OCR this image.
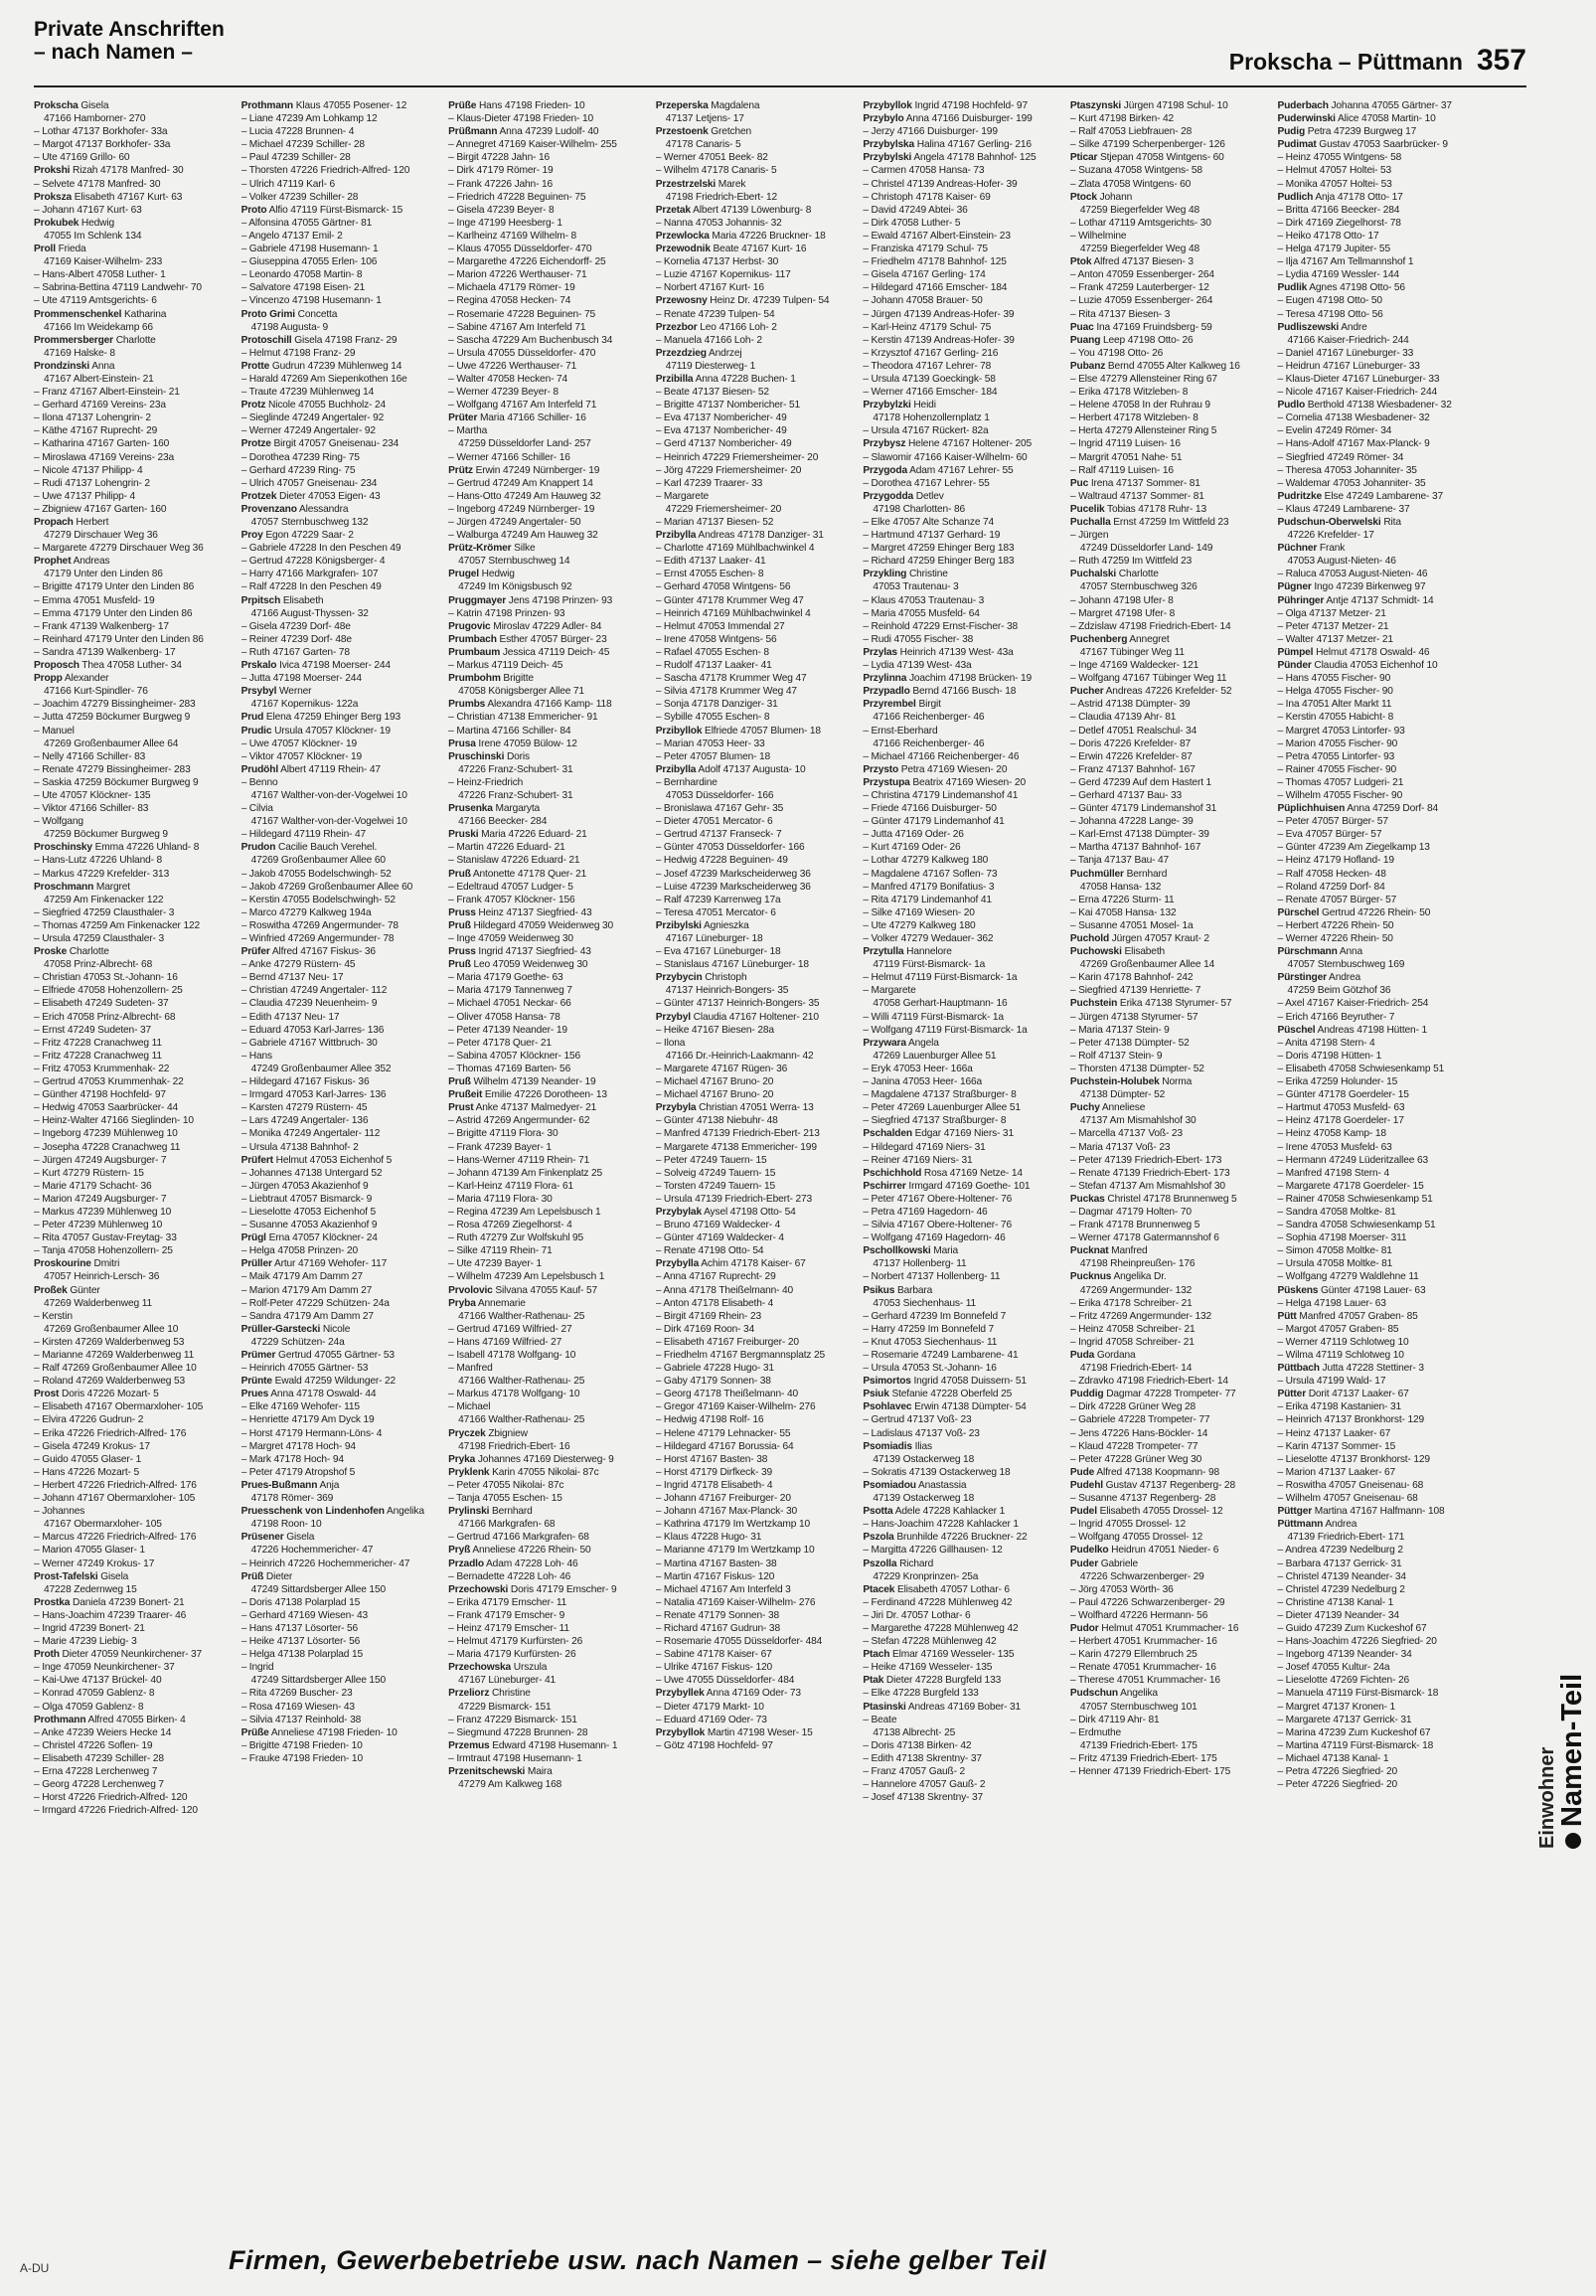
Private Anschriften
– nach Namen –	Prokscha – Püttmann 357
Prokscha Gisela
47166 Hamborner- 270
– Lothar 47137 Borkhofer- 33a
– Margot 47137 Borkhofer- 33a
– Ute 47169 Grillo- 60
Prokshi Rizah 47178 Manfred- 30
– Selvete 47178 Manfred- 30
Proksza Elisabeth 47167 Kurt- 63
– Johann 47167 Kurt- 63
Prokubek Hedwig
47055 Im Schlenk 134
Proll Frieda
47169 Kaiser-Wilhelm- 233
– Hans-Albert 47058 Luther- 1
– Sabrina-Bettina 47119 Landwehr- 70
– Ute 47119 Amtsgerichts- 6
Prommenschenkel Katharina
47166 Im Weidekamp 66
Prommersberger Charlotte
47169 Halske- 8
Prondzinski Anna
47167 Albert-Einstein- 21
– Franz 47167 Albert-Einstein- 21
– Gerhard 47169 Vereins- 23a
– Ilona 47137 Lohengrin- 2
– Käthe 47167 Ruprecht- 29
– Katharina 47167 Garten- 160
– Miroslawa 47169 Vereins- 23a
– Nicole 47137 Philipp- 4
– Rudi 47137 Lohengrin- 2
– Uwe 47137 Philipp- 4
– Zbigniew 47167 Garten- 160
Propach Herbert
47279 Dirschauer Weg 36
– Margarete 47279 Dirschauer Weg 36
Prophet Andreas
47179 Unter den Linden 86
– Brigitte 47179 Unter den Linden 86
– Emma 47051 Musfeld- 19
– Emma 47179 Unter den Linden 86
– Frank 47139 Walkenberg- 17
– Reinhard 47179 Unter den Linden 86
– Sandra 47139 Walkenberg- 17
Proposch Thea 47058 Luther- 34
Propp Alexander
47166 Kurt-Spindler- 76
– Joachim 47279 Bissingheimer- 283
– Jutta 47259 Böckumer Burgweg 9
– Manuel
47269 Großenbaumer Allee 64
– Nelly 47166 Schiller- 83
– Renate 47279 Bissingheimer- 283
– Saskia 47259 Böckumer Burgweg 9
– Ute 47057 Klöckner- 135
– Viktor 47166 Schiller- 83
– Wolfgang
47259 Böckumer Burgweg 9
Proschinsky Emma 47226 Uhland- 8
– Hans-Lutz 47226 Uhland- 8
– Markus 47229 Krefelder- 313
Proschmann Margret
47259 Am Finkenacker 122
– Siegfried 47259 Clausthaler- 3
– Thomas 47259 Am Finkenacker 122
– Ursula 47259 Clausthaler- 3
Proske Charlotte
47058 Prinz-Albrecht- 68
– Christian 47053 St.-Johann- 16
– Elfriede 47058 Hohenzollern- 25
– Elisabeth 47249 Sudeten- 37
– Erich 47058 Prinz-Albrecht- 68
– Ernst 47249 Sudeten- 37
– Fritz 47228 Cranachweg 11
– Fritz 47228 Cranachweg 11
– Fritz 47053 Krummenhak- 22
– Gertrud 47053 Krummenhak- 22
– Günther 47198 Hochfeld- 97
– Hedwig 47053 Saarbrücker- 44
– Heinz-Walter 47166 Sieglinden- 10
– Ingeborg 47239 Mühlenweg 10
– Josepha 47228 Cranachweg 11
– Jürgen 47249 Augsburger- 7
– Kurt 47279 Rüstern- 15
– Marie 47179 Schacht- 36
– Marion 47249 Augsburger- 7
– Markus 47239 Mühlenweg 10
– Peter 47239 Mühlenweg 10
– Rita 47057 Gustav-Freytag- 33
– Tanja 47058 Hohenzollern- 25
Proskourine Dmitri
47057 Heinrich-Lersch- 36
Proßek Günter
47269 Walderbenweg 11
– Kerstin
47269 Großenbaumer Allee 10
– Kirsten 47269 Walderbenweg 53
– Marianne 47269 Walderbenweg 11
– Ralf 47269 Großenbaumer Allee 10
– Roland 47269 Walderbenweg 53
Prost Doris 47226 Mozart- 5
– Elisabeth 47167 Obermarxloher- 105
– Elvira 47226 Gudrun- 2
– Erika 47226 Friedrich-Alfred- 176
– Gisela 47249 Krokus- 17
– Guido 47055 Glaser- 1
– Hans 47226 Mozart- 5
– Herbert 47226 Friedrich-Alfred- 176
– Johann 47167 Obermarxloher- 105
– Johannes
47167 Obermarxloher- 105
– Marcus 47226 Friedrich-Alfred- 176
– Marion 47055 Glaser- 1
– Werner 47249 Krokus- 17
Prost-Tafelski Gisela
47228 Zedernweg 15
Prostka Daniela 47239 Bonert- 21
– Hans-Joachim 47239 Traarer- 46
– Ingrid 47239 Bonert- 21
– Marie 47239 Liebig- 3
Proth Dieter 47059 Neunkirchener- 37
– Inge 47059 Neunkirchener- 37
– Kai-Uwe 47137 Brückel- 40
– Konrad 47059 Gablenz- 8
– Olga 47059 Gablenz- 8
Prothmann Alfred 47055 Birken- 4
– Anke 47239 Weiers Hecke 14
– Christel 47226 Soflen- 19
– Elisabeth 47239 Schiller- 28
– Erna 47228 Lerchenweg 7
– Georg 47228 Lerchenweg 7
– Horst 47226 Friedrich-Alfred- 120
– Irmgard 47226 Friedrich-Alfred- 120
Prothmann Klaus 47055 Posener- 12
– Liane 47239 Am Lohkamp 12
– Lucia 47228 Brunnen- 4
– Michael 47239 Schiller- 28
– Paul 47239 Schiller- 28
– Thorsten 47226 Friedrich-Alfred- 120
– Ulrich 47119 Karl- 6
– Volker 47239 Schiller- 28
Proto Alfio 47119 Fürst-Bismarck- 15
– Alfonsina 47055 Gärtner- 81
– Angelo 47137 Emil- 2
– Gabriele 47198 Husemann- 1
– Giuseppina 47055 Erlen- 106
– Leonardo 47058 Martin- 8
– Salvatore 47198 Eisen- 21
– Vincenzo 47198 Husemann- 1
Proto Grimi Concetta
47198 Augusta- 9
Protoschill Gisela 47198 Franz- 29
– Helmut 47198 Franz- 29
Protte Gudrun 47239 Mühlenweg 14
– Harald 47269 Am Siepenkothen 16e
– Traute 47239 Mühlenweg 14
Protz Nicole 47055 Buchholz- 24
– Sieglinde 47249 Angertaler- 92
– Werner 47249 Angertaler- 92
Protze Birgit 47057 Gneisenau- 234
– Dorothea 47239 Ring- 75
– Gerhard 47239 Ring- 75
– Ulrich 47057 Gneisenau- 234
Protzek Dieter 47053 Eigen- 43
Provenzano Alessandra
47057 Sternbuschweg 132
Proy Egon 47229 Saar- 2
– Gabriele 47228 In den Peschen 49
– Gertrud 47228 Königsberger- 4
– Harry 47166 Markgrafen- 107
– Ralf 47228 In den Peschen 49
Prpitsch Elisabeth
47166 August-Thyssen- 32
– Gisela 47239 Dorf- 48e
– Reiner 47239 Dorf- 48e
– Ruth 47167 Garten- 78
Prskalo Ivica 47198 Moerser- 244
– Jutta 47198 Moerser- 244
Prsybyl Werner
47167 Kopernikus- 122a
Prud Elena 47259 Ehinger Berg 193
Prudic Ursula 47057 Klöckner- 19
– Uwe 47057 Klöckner- 19
– Viktor 47057 Klöckner- 19
Prudöhl Albert 47119 Rhein- 47
– Benno
47167 Walther-von-der-Vogelwei 10
– Cilvia
47167 Walther-von-der-Vogelwei 10
– Hildegard 47119 Rhein- 47
Prudon Cacilie Bauch Verehel.
47269 Großenbaumer Allee 60
– Jakob 47055 Bodelschwingh- 52
– Jakob 47269 Großenbaumer Allee 60
– Kerstin 47055 Bodelschwingh- 52
– Marco 47279 Kalkweg 194a
– Roswitha 47269 Angermunder- 78
– Winfried 47269 Angermunder- 78
Prüfer Alfred 47167 Fiskus- 36
– Anke 47279 Rüstern- 45
– Bernd 47137 Neu- 17
– Christian 47249 Angertaler- 112
– Claudia 47239 Neuenheim- 9
– Edith 47137 Neu- 17
– Eduard 47053 Karl-Jarres- 136
– Gabriele 47167 Wittbruch- 30
– Hans
47249 Großenbaumer Allee 352
– Hildegard 47167 Fiskus- 36
– Irmgard 47053 Karl-Jarres- 136
– Karsten 47279 Rüstern- 45
– Lars 47249 Angertaler- 136
– Monika 47249 Angertaler- 112
– Ursula 47138 Bahnhof- 2
Prüfert Helmut 47053 Eichenhof 5
– Johannes 47138 Untergard 52
– Jürgen 47053 Akazienhof 9
– Liebtraut 47057 Bismarck- 9
– Lieselotte 47053 Eichenhof 5
– Susanne 47053 Akazienhof 9
Prügl Erna 47057 Klöckner- 24
– Helga 47058 Prinzen- 20
Prüller Artur 47169 Wehofer- 117
– Maik 47179 Am Damm 27
– Marion 47179 Am Damm 27
– Rolf-Peter 47229 Schützen- 24a
– Sandra 47179 Am Damm 27
Prüller-Garstecki Nicole
47229 Schützen- 24a
Prümer Gertrud 47055 Gärtner- 53
– Heinrich 47055 Gärtner- 53
Prünte Ewald 47259 Wildunger- 22
Prues Anna 47178 Oswald- 44
– Elke 47169 Wehofer- 115
– Henriette 47179 Am Dyck 19
– Horst 47179 Hermann-Löns- 4
– Margret 47178 Hoch- 94
– Mark 47178 Hoch- 94
– Peter 47179 Atropshof 5
Prues-Bußmann Anja
47178 Römer- 369
Pruesschenk von Lindenhofen Angelika
47198 Roon- 10
Prüsener Gisela
47226 Hochemmericher- 47
– Heinrich 47226 Hochemmericher- 47
Prüß Dieter
47249 Sittardsberger Allee 150
– Doris 47138 Polarplad 15
– Gerhard 47169 Wiesen- 43
– Hans 47137 Lösorter- 56
– Heike 47137 Lösorter- 56
– Helga 47138 Polarplad 15
– Ingrid
47249 Sittardsberger Allee 150
– Rita 47269 Buscher- 23
– Rosa 47169 Wiesen- 43
– Silvia 47137 Reinhold- 38
Prüße Anneliese 47198 Frieden- 10
– Brigitte 47198 Frieden- 10
– Frauke 47198 Frieden- 10
Prüße Hans 47198 Frieden- 10
– Klaus-Dieter 47198 Frieden- 10
Prüßmann Anna 47239 Ludolf- 40
– Annegret 47169 Kaiser-Wilhelm- 255
– Birgit 47228 Jahn- 16
– Dirk 47179 Römer- 19
– Frank 47226 Jahn- 16
– Friedrich 47228 Beguinen- 75
– Gisela 47239 Beyer- 8
– Inge 47199 Heesberg- 1
– Karlheinz 47169 Wilhelm- 8
– Klaus 47055 Düsseldorfer- 470
– Margarethe 47226 Eichendorff- 25
– Marion 47226 Werthauser- 71
– Michaela 47179 Römer- 19
– Regina 47058 Hecken- 74
– Rosemarie 47228 Beguinen- 75
– Sabine 47167 Am Interfeld 71
– Sascha 47229 Am Buchenbusch 34
– Ursula 47055 Düsseldorfer- 470
– Uwe 47226 Werthauser- 71
– Walter 47058 Hecken- 74
– Werner 47239 Beyer- 8
– Wolfgang 47167 Am Interfeld 71
Prüter Maria 47166 Schiller- 16
– Martha
47259 Düsseldorfer Land- 257
– Werner 47166 Schiller- 16
Prütz Erwin 47249 Nürnberger- 19
– Gertrud 47249 Am Knappert 14
– Hans-Otto 47249 Am Hauweg 32
– Ingeborg 47249 Nürnberger- 19
– Jürgen 47249 Angertaler- 50
– Walburga 47249 Am Hauweg 32
Prütz-Krömer Silke
47057 Sternbuschweg 14
Prugel Hedwig
47249 Im Königsbusch 92
Pruggmayer Jens 47198 Prinzen- 93
– Katrin 47198 Prinzen- 93
Prugovic Miroslav 47229 Adler- 84
Prumbach Esther 47057 Bürger- 23
Prumbaum Jessica 47119 Deich- 45
– Markus 47119 Deich- 45
Prumbohm Brigitte
47058 Königsberger Allee 71
Prumbs Alexandra 47166 Kamp- 118
– Christian 47138 Emmericher- 91
– Martina 47166 Schiller- 84
Prusa Irene 47059 Bülow- 12
Pruschinski Doris
47226 Franz-Schubert- 31
– Heinz-Friedrich
47226 Franz-Schubert- 31
Prusenka Margaryta
47166 Beecker- 284
Pruski Maria 47226 Eduard- 21
– Martin 47226 Eduard- 21
– Stanislaw 47226 Eduard- 21
Pruß Antonette 47178 Quer- 21
– Edeltraud 47057 Ludger- 5
– Frank 47057 Klöckner- 156
Pruss Heinz 47137 Siegfried- 43
Pruß Hildegard 47059 Weidenweg 30
– Inge 47059 Weidenweg 30
Pruss Ingrid 47137 Siegfried- 43
Pruß Leo 47059 Weidenweg 30
– Maria 47179 Goethe- 63
– Maria 47179 Tannenweg 7
– Michael 47051 Neckar- 66
– Oliver 47058 Hansa- 78
– Peter 47139 Neander- 19
– Peter 47178 Quer- 21
– Sabina 47057 Klöckner- 156
– Thomas 47169 Barten- 56
Pruß Wilhelm 47139 Neander- 19
Prußeit Emilie 47226 Dorotheen- 13
Prust Anke 47137 Malmedyer- 21
– Astrid 47269 Angermunder- 62
– Brigitte 47119 Flora- 30
– Frank 47239 Bayer- 1
– Hans-Werner 47119 Rhein- 71
– Johann 47139 Am Finkenplatz 25
– Karl-Heinz 47119 Flora- 61
– Maria 47119 Flora- 30
– Regina 47239 Am Lepelsbusch 1
– Rosa 47269 Ziegelhorst- 4
– Ruth 47279 Zur Wolfskuhl 95
– Silke 47119 Rhein- 71
– Ute 47239 Bayer- 1
– Wilhelm 47239 Am Lepelsbusch 1
Prvolovic Silvana 47055 Kauf- 57
Pryba Annemarie
47166 Walther-Rathenau- 25
– Gertrud 47169 Wilfried- 27
– Hans 47169 Wilfried- 27
– Isabell 47178 Wolfgang- 10
– Manfred
47166 Walther-Rathenau- 25
– Markus 47178 Wolfgang- 10
– Michael
47166 Walther-Rathenau- 25
Pryczek Zbigniew
47198 Friedrich-Ebert- 16
Pryka Johannes 47169 Diesterweg- 9
Pryklenk Karin 47055 Nikolai- 87c
– Peter 47055 Nikolai- 87c
– Tanja 47055 Eschen- 15
Prylinski Bernhard
47166 Markgrafen- 68
– Gertrud 47166 Markgrafen- 68
Pryß Anneliese 47226 Rhein- 50
Przadlo Adam 47228 Loh- 46
– Bernadette 47228 Loh- 46
Przechowski Doris 47179 Emscher- 9
– Erika 47179 Emscher- 11
– Frank 47179 Emscher- 9
– Heinz 47179 Emscher- 11
– Helmut 47179 Kurfürsten- 26
– Maria 47179 Kurfürsten- 26
Przechowska Urszula
47167 Lüneburger- 41
Przeliorz Christine
47229 Bismarck- 151
– Franz 47229 Bismarck- 151
– Siegmund 47228 Brunnen- 28
Przemus Edward 47198 Husemann- 1
– Irmtraut 47198 Husemann- 1
Przenitschewski Maira
47279 Am Kalkweg 168
Przeperska Magdalena
47137 Letjens- 17
Przestoenk Gretchen
47178 Canaris- 5
– Werner 47051 Beek- 82
– Wilhelm 47178 Canaris- 5
Przestrzelski Marek
47198 Friedrich-Ebert- 12
Przetak Albert 47139 Löwenburg- 8
– Nanna 47053 Johannis- 32
Przewlocka Maria 47226 Bruckner- 18
Przewodnik Beate 47167 Kurt- 16
– Kornelia 47137 Herbst- 30
– Luzie 47167 Kopernikus- 117
– Norbert 47167 Kurt- 16
Przewosny Heinz Dr. 47239 Tulpen- 54
– Renate 47239 Tulpen- 54
Przezbor Leo 47166 Loh- 2
– Manuela 47166 Loh- 2
Przezdzieg Andrzej
47119 Diesterweg- 1
Przibilla Anna 47228 Buchen- 1
– Beate 47137 Biesen- 52
– Brigitte 47137 Nombericher- 51
– Eva 47137 Nombericher- 49
– Eva 47137 Nombericher- 49
– Gerd 47137 Nombericher- 49
– Heinrich 47229 Friemersheimer- 20
– Jörg 47229 Friemersheimer- 20
– Karl 47239 Traarer- 33
– Margarete
47229 Friemersheimer- 20
– Marian 47137 Biesen- 52
Przibylla Andreas 47178 Danziger- 31
– Charlotte 47169 Mühlbachwinkel 4
– Edith 47137 Laaker- 41
– Ernst 47055 Eschen- 8
– Gerhard 47058 Wintgens- 56
– Günter 47178 Krummer Weg 47
– Heinrich 47169 Mühlbachwinkel 4
– Helmut 47053 Immendal 27
– Irene 47058 Wintgens- 56
– Rafael 47055 Eschen- 8
– Rudolf 47137 Laaker- 41
– Sascha 47178 Krummer Weg 47
– Silvia 47178 Krummer Weg 47
– Sonja 47178 Danziger- 31
– Sybille 47055 Eschen- 8
Przibyllok Elfriede 47057 Blumen- 18
– Marian 47053 Heer- 33
– Peter 47057 Blumen- 18
Przibylla Adolf 47137 Augusta- 10
– Bernhardine
47053 Düsseldorfer- 166
– Bronislawa 47167 Gehr- 35
– Dieter 47051 Mercator- 6
– Gertrud 47137 Franseck- 7
– Günter 47053 Düsseldorfer- 166
– Hedwig 47228 Beguinen- 49
– Josef 47239 Markscheiderweg 36
– Luise 47239 Markscheiderweg 36
– Ralf 47239 Karrenweg 17a
– Teresa 47051 Mercator- 6
Przibylski Agnieszka
47167 Lüneburger- 18
– Eva 47167 Lüneburger- 18
– Stanislaus 47167 Lüneburger- 18
Przybycin Christoph
47137 Heinrich-Bongers- 35
– Günter 47137 Heinrich-Bongers- 35
Przybyl Claudia 47167 Holtener- 210
– Heike 47167 Biesen- 28a
– Ilona
47166 Dr.-Heinrich-Laakmann- 42
– Margarete 47167 Rügen- 36
– Michael 47167 Bruno- 20
– Michael 47167 Bruno- 20
Przybyla Christian 47051 Werra- 13
– Günter 47138 Niebuhr- 48
– Manfred 47139 Friedrich-Ebert- 213
– Margarete 47138 Emmericher- 199
– Peter 47249 Tauern- 15
– Solveig 47249 Tauern- 15
– Torsten 47249 Tauern- 15
– Ursula 47139 Friedrich-Ebert- 273
Przybylak Aysel 47198 Otto- 54
– Bruno 47169 Waldecker- 4
– Günter 47169 Waldecker- 4
– Renate 47198 Otto- 54
Przybylla Achim 47178 Kaiser- 67
– Anna 47167 Ruprecht- 29
– Anna 47178 Theißelmann- 40
– Anton 47178 Elisabeth- 4
– Birgit 47169 Rhein- 23
– Dirk 47169 Roon- 34
– Elisabeth 47167 Freiburger- 20
– Friedhelm 47167 Bergmannsplatz 25
– Gabriele 47228 Hugo- 31
– Gaby 47179 Sonnen- 38
– Georg 47178 Theißelmann- 40
– Gregor 47169 Kaiser-Wilhelm- 276
– Hedwig 47198 Rolf- 16
– Helene 47179 Lehnacker- 55
– Hildegard 47167 Borussia- 64
– Horst 47167 Basten- 38
– Horst 47179 Dirfkeck- 39
– Ingrid 47178 Elisabeth- 4
– Johann 47167 Freiburger- 20
– Johann 47167 Max-Planck- 30
– Kathrina 47179 Im Wertzkamp 10
– Klaus 47228 Hugo- 31
– Marianne 47179 Im Wertzkamp 10
– Martina 47167 Basten- 38
– Martin 47167 Fiskus- 120
– Michael 47167 Am Interfeld 3
– Natalia 47169 Kaiser-Wilhelm- 276
– Renate 47179 Sonnen- 38
– Richard 47167 Gudrun- 38
– Rosemarie 47055 Düsseldorfer- 484
– Sabine 47178 Kaiser- 67
– Ulrike 47167 Fiskus- 120
– Uwe 47055 Düsseldorfer- 484
Przybyllek Anna 47169 Oder- 73
– Dieter 47179 Markt- 10
– Eduard 47169 Oder- 73
Przybyllok Martin 47198 Weser- 15
– Götz 47198 Hochfeld- 97
Przybyllok Ingrid 47198 Hochfeld- 97
Przybylo Anna 47166 Duisburger- 199
– Jerzy 47166 Duisburger- 199
Przybylska Halina 47167 Gerling- 216
Przybylski Angela 47178 Bahnhof- 125
– Carmen 47058 Hansa- 73
– Christel 47139 Andreas-Hofer- 39
– Christoph 47178 Kaiser- 69
– David 47249 Abtei- 36
– Dirk 47058 Luther- 5
– Ewald 47167 Albert-Einstein- 23
– Franziska 47179 Schul- 75
– Friedhelm 47178 Bahnhof- 125
– Gisela 47167 Gerling- 174
– Hildegard 47166 Emscher- 184
– Johann 47058 Brauer- 50
– Jürgen 47139 Andreas-Hofer- 39
– Karl-Heinz 47179 Schul- 75
– Kerstin 47139 Andreas-Hofer- 39
– Krzysztof 47167 Gerling- 216
– Theodora 47167 Lehrer- 78
– Ursula 47139 Goeckingk- 58
– Werner 47166 Emscher- 184
Przybylzki Heidi
47178 Hohenzollernplatz 1
– Ursula 47167 Rückert- 82a
Przybysz Helene 47167 Holtener- 205
– Slawomir 47166 Kaiser-Wilhelm- 60
Przygoda Adam 47167 Lehrer- 55
– Dorothea 47167 Lehrer- 55
Przygodda Detlev
47198 Charlotten- 86
– Elke 47057 Alte Schanze 74
– Hartmund 47137 Gerhard- 19
– Margret 47259 Ehinger Berg 183
– Richard 47259 Ehinger Berg 183
Przykling Christine
47053 Trautenau- 3
– Klaus 47053 Trautenau- 3
– Maria 47055 Musfeld- 64
– Reinhold 47229 Ernst-Fischer- 38
– Rudi 47055 Fischer- 38
Przylas Heinrich 47139 West- 43a
– Lydia 47139 West- 43a
Przylinna Joachim 47198 Brücken- 19
Przypadlo Bernd 47166 Busch- 18
Przyrembel Birgit
47166 Reichenberger- 46
– Ernst-Eberhard
47166 Reichenberger- 46
– Michael 47166 Reichenberger- 46
Przysto Petra 47169 Wiesen- 20
Przystupa Beatrix 47169 Wiesen- 20
– Christina 47179 Lindemanshof 41
– Friede 47166 Duisburger- 50
– Günter 47179 Lindemanhof 41
– Jutta 47169 Oder- 26
– Kurt 47169 Oder- 26
– Lothar 47279 Kalkweg 180
– Magdalene 47167 Soflen- 73
– Manfred 47179 Bonifatius- 3
– Rita 47179 Lindemanhof 41
– Silke 47169 Wiesen- 20
– Ute 47279 Kalkweg 180
– Volker 47279 Wedauer- 362
Przytulla Hannelore
47119 Fürst-Bismarck- 1a
– Helmut 47119 Fürst-Bismarck- 1a
– Margarete
47058 Gerhart-Hauptmann- 16
– Willi 47119 Fürst-Bismarck- 1a
– Wolfgang 47119 Fürst-Bismarck- 1a
Przywara Angela
47269 Lauenburger Allee 51
– Eryk 47053 Heer- 166a
– Janina 47053 Heer- 166a
– Magdalene 47137 Straßburger- 8
– Peter 47269 Lauenburger Allee 51
– Siegfried 47137 Straßburger- 8
Pschalden Edgar 47169 Niers- 31
– Hildegard 47169 Niers- 31
– Reiner 47169 Niers- 31
Pschichhold Rosa 47169 Netze- 14
Pschirrer Irmgard 47169 Goethe- 101
– Peter 47167 Obere-Holtener- 76
– Petra 47169 Hagedorn- 46
– Silvia 47167 Obere-Holtener- 76
– Wolfgang 47169 Hagedorn- 46
Pschollkowski Maria
47137 Hollenberg- 11
– Norbert 47137 Hollenberg- 11
Psikus Barbara
47053 Siechenhaus- 11
– Gerhard 47239 Im Bonnefeld 7
– Harry 47259 Im Bonnefeld 7
– Knut 47053 Siechenhaus- 11
– Rosemarie 47249 Lambarene- 41
– Ursula 47053 St.-Johann- 16
Psimortos Ingrid 47058 Duissern- 51
Psiuk Stefanie 47228 Oberfeld 25
Psohlavec Erwin 47138 Dümpter- 54
– Gertrud 47137 Voß- 23
– Ladislaus 47137 Voß- 23
Psomiadis Ilias
47139 Ostackerweg 18
– Sokratis 47139 Ostackerweg 18
Psomiadou Anastassia
47139 Ostackerweg 18
Psotta Adele 47228 Kahlacker 1
– Hans-Joachim 47228 Kahlacker 1
Pszola Brunhilde 47226 Bruckner- 22
– Margitta 47226 Gillhausen- 12
Pszolla Richard
47229 Kronprinzen- 25a
Ptacek Elisabeth 47057 Lothar- 6
– Ferdinand 47228 Mühlenweg 42
– Jiri Dr. 47057 Lothar- 6
– Margarethe 47228 Mühlenweg 42
– Stefan 47228 Mühlenweg 42
Ptach Elmar 47169 Wesseler- 135
– Heike 47169 Wesseler- 135
Ptak Dieter 47228 Burgfeld 133
– Elke 47228 Burgfeld 133
Ptasinski Andreas 47169 Bober- 31
– Beate
47138 Albrecht- 25
– Doris 47138 Birken- 42
– Edith 47138 Skrentny- 37
– Franz 47057 Gauß- 2
– Hannelore 47057 Gauß- 2
– Josef 47138 Skrentny- 37
Ptaszynski Jürgen 47198 Schul- 10
– Kurt 47198 Birken- 42
– Ralf 47053 Liebfrauen- 28
– Silke 47199 Scherpenberger- 126
Pticar Stjepan 47058 Wintgens- 60
– Suzana 47058 Wintgens- 58
– Zlata 47058 Wintgens- 60
Ptock Johann
47259 Biegerfelder Weg 48
– Lothar 47119 Amtsgerichts- 30
– Wilhelmine
47259 Biegerfelder Weg 48
Ptok Alfred 47137 Biesen- 3
– Anton 47059 Essenberger- 264
– Frank 47259 Lauterberger- 12
– Luzie 47059 Essenberger- 264
– Rita 47137 Biesen- 3
Puac Ina 47169 Fruindsberg- 59
Puang Leep 47198 Otto- 26
– You 47198 Otto- 26
Pubanz Bernd 47055 Alter Kalkweg 16
– Else 47279 Allensteiner Ring 67
– Erika 47178 Witzleben- 8
– Helene 47058 In der Ruhrau 9
– Herbert 47178 Witzleben- 8
– Herta 47279 Allensteiner Ring 5
– Ingrid 47119 Luisen- 16
– Margrit 47051 Nahe- 51
– Ralf 47119 Luisen- 16
Puc Irena 47137 Sommer- 81
– Waltraud 47137 Sommer- 81
Pucelik Tobias 47178 Ruhr- 13
Puchalla Ernst 47259 Im Wittfeld 23
– Jürgen
47249 Düsseldorfer Land- 149
– Ruth 47259 Im Wittfeld 23
Puchalski Charlotte
47057 Sternbuschweg 326
– Johann 47198 Ufer- 8
– Margret 47198 Ufer- 8
– Zdzislaw 47198 Friedrich-Ebert- 14
Puchenberg Annegret
47167 Tübinger Weg 11
– Inge 47169 Waldecker- 121
– Wolfgang 47167 Tübinger Weg 11
Pucher Andreas 47226 Krefelder- 52
– Astrid 47138 Dümpter- 39
– Claudia 47139 Ahr- 81
– Detlef 47051 Realschul- 34
– Doris 47226 Krefelder- 87
– Erwin 47226 Krefelder- 87
– Franz 47137 Bahnhof- 167
– Gerd 47239 Auf dem Hastert 1
– Gerhard 47137 Bau- 33
– Günter 47179 Lindemanshof 31
– Johanna 47228 Lange- 39
– Karl-Ernst 47138 Dümpter- 39
– Martha 47137 Bahnhof- 167
– Tanja 47137 Bau- 47
Puchmüller Bernhard
47058 Hansa- 132
– Erna 47226 Sturm- 11
– Kai 47058 Hansa- 132
– Susanne 47051 Mosel- 1a
Puchold Jürgen 47057 Kraut- 2
Puchowski Elisabeth
47269 Großenbaumer Allee 14
– Karin 47178 Bahnhof- 242
– Siegfried 47139 Henriette- 7
Puchstein Erika 47138 Styrumer- 57
– Jürgen 47138 Styrumer- 57
– Maria 47137 Stein- 9
– Peter 47138 Dümpter- 52
– Rolf 47137 Stein- 9
– Thorsten 47138 Dümpter- 52
Puchstein-Holubek Norma
47138 Dümpter- 52
Puchy Anneliese
47137 Am Mismahlshof 30
– Marcella 47137 Voß- 23
– Maria 47137 Voß- 23
– Peter 47139 Friedrich-Ebert- 173
– Renate 47139 Friedrich-Ebert- 173
– Stefan 47137 Am Mismahlshof 30
Puckas Christel 47178 Brunnenweg 5
– Dagmar 47179 Holten- 70
– Frank 47178 Brunnenweg 5
– Werner 47178 Gatermannshof 6
Pucknat Manfred
47198 Rheinpreußen- 176
Pucknus Angelika Dr.
47269 Angermunder- 132
– Erika 47178 Schreiber- 21
– Fritz 47269 Angermunder- 132
– Heinz 47058 Schreiber- 21
– Ingrid 47058 Schreiber- 21
Puda Gordana
47198 Friedrich-Ebert- 14
– Zdravko 47198 Friedrich-Ebert- 14
Puddig Dagmar 47228 Trompeter- 77
– Dirk 47228 Grüner Weg 28
– Gabriele 47228 Trompeter- 77
– Jens 47226 Hans-Böckler- 14
– Klaud 47228 Trompeter- 77
– Peter 47228 Grüner Weg 30
Pude Alfred 47138 Koopmann- 98
Pudehl Gustav 47137 Regenberg- 28
– Susanne 47137 Regenberg- 28
Pudel Elisabeth 47055 Drossel- 12
– Ingrid 47055 Drossel- 12
– Wolfgang 47055 Drossel- 12
Pudelko Heidrun 47051 Nieder- 6
Puder Gabriele
47226 Schwarzenberger- 29
– Jörg 47053 Wörth- 36
– Paul 47226 Schwarzenberger- 29
– Wolfhard 47226 Hermann- 56
Pudor Helmut 47051 Krummacher- 16
– Herbert 47051 Krummacher- 16
– Karin 47279 Ellernbruch 25
– Renate 47051 Krummacher- 16
– Therese 47051 Krummacher- 16
Pudschun Angelika
47057 Sternbuschweg 101
– Dirk 47119 Ahr- 81
– Erdmuthe
47139 Friedrich-Ebert- 175
– Fritz 47139 Friedrich-Ebert- 175
– Henner 47139 Friedrich-Ebert- 175
Puderbach Johanna 47055 Gärtner- 37
Puderwinski Alice 47058 Martin- 10
Pudig Petra 47239 Burgweg 17
Pudimat Gustav 47053 Saarbrücker- 9
– Heinz 47055 Wintgens- 58
– Helmut 47057 Holtei- 53
– Monika 47057 Holtei- 53
Pudlich Anja 47178 Otto- 17
– Britta 47166 Beecker- 284
– Dirk 47169 Ziegelhorst- 78
– Heiko 47178 Otto- 17
– Helga 47179 Jupiter- 55
– Ilja 47167 Am Tellmannshof 1
– Lydia 47169 Wessler- 144
Pudlik Agnes 47198 Otto- 56
– Eugen 47198 Otto- 50
– Teresa 47198 Otto- 56
Pudliszewski Andre
47166 Kaiser-Friedrich- 244
– Daniel 47167 Lüneburger- 33
– Heidrun 47167 Lüneburger- 33
– Klaus-Dieter 47167 Lüneburger- 33
– Nicole 47167 Kaiser-Friedrich- 244
Pudlo Berthold 47138 Wiesbadener- 32
– Cornelia 47138 Wiesbadener- 32
– Evelin 47249 Römer- 34
– Hans-Adolf 47167 Max-Planck- 9
– Siegfried 47249 Römer- 34
– Theresa 47053 Johanniter- 35
– Waldemar 47053 Johanniter- 35
Pudritzke Else 47249 Lambarene- 37
– Klaus 47249 Lambarene- 37
Pudschun-Oberwelski Rita
47226 Krefelder- 17
Püchner Frank
47053 August-Nieten- 46
– Raluca 47053 August-Nieten- 46
Pügner Ingo 47239 Birkenweg 97
Pühringer Antje 47137 Schmidt- 14
– Olga 47137 Metzer- 21
– Peter 47137 Metzer- 21
– Walter 47137 Metzer- 21
Pümpel Helmut 47178 Oswald- 46
Pünder Claudia 47053 Eichenhof 10
– Hans 47055 Fischer- 90
– Helga 47055 Fischer- 90
– Ina 47051 Alter Markt 11
– Kerstin 47055 Habicht- 8
– Margret 47053 Lintorfer- 93
– Marion 47055 Fischer- 90
– Petra 47055 Lintorfer- 93
– Rainer 47055 Fischer- 90
– Thomas 47057 Ludgeri- 21
– Wilhelm 47055 Fischer- 90
Püplichhuisen Anna 47259 Dorf- 84
– Peter 47057 Bürger- 57
– Eva 47057 Bürger- 57
– Günter 47239 Am Ziegelkamp 13
– Heinz 47179 Hofland- 19
– Ralf 47058 Hecken- 48
– Roland 47259 Dorf- 84
– Renate 47057 Bürger- 57
Pürschel Gertrud 47226 Rhein- 50
– Herbert 47226 Rhein- 50
– Werner 47226 Rhein- 50
Pürschmann Anna
47057 Sternbuschweg 169
Pürstinger Andrea
47259 Beim Götzhof 36
– Axel 47167 Kaiser-Friedrich- 254
– Erich 47166 Beyruther- 7
Püschel Andreas 47198 Hütten- 1
– Anita 47198 Stern- 4
– Doris 47198 Hütten- 1
– Elisabeth 47058 Schwiesenkamp 51
– Erika 47259 Holunder- 15
– Günter 47178 Goerdeler- 15
– Hartmut 47053 Musfeld- 63
– Heinz 47178 Goerdeler- 17
– Heinz 47058 Kamp- 18
– Irene 47053 Musfeld- 63
– Hermann 47249 Lüderitzallee 63
– Manfred 47198 Stern- 4
– Margarete 47178 Goerdeler- 15
– Rainer 47058 Schwiesenkamp 51
– Sandra 47058 Moltke- 81
– Sandra 47058 Schwiesenkamp 51
– Sophia 47198 Moerser- 311
– Simon 47058 Moltke- 81
– Ursula 47058 Moltke- 81
– Wolfgang 47279 Waldlehne 11
Püskens Günter 47198 Lauer- 63
– Helga 47198 Lauer- 63
Pütt Manfred 47057 Graben- 85
– Margot 47057 Graben- 85
– Werner 47119 Schlotweg 10
– Wilma 47119 Schlotweg 10
Püttbach Jutta 47228 Stettiner- 3
– Ursula 47199 Wald- 17
Pütter Dorit 47137 Laaker- 67
– Erika 47198 Kastanien- 31
– Heinrich 47137 Bronkhorst- 129
– Heinz 47137 Laaker- 67
– Karin 47137 Sommer- 15
– Lieselotte 47137 Bronkhorst- 129
– Marion 47137 Laaker- 67
– Roswitha 47057 Gneisenau- 68
– Wilhelm 47057 Gneisenau- 68
Püttger Martina 47167 Halfmann- 108
Püttmann Andrea
47139 Friedrich-Ebert- 171
– Andrea 47239 Nedelburg 2
– Barbara 47137 Gerrick- 31
– Christel 47139 Neander- 34
– Christel 47239 Nedelburg 2
– Christine 47138 Kanal- 1
– Dieter 47139 Neander- 34
– Guido 47239 Zum Kuckeshof 67
– Hans-Joachim 47226 Siegfried- 20
– Ingeborg 47139 Neander- 34
– Josef 47055 Kultur- 24a
– Lieselotte 47269 Fichten- 26
– Manuela 47119 Fürst-Bismarck- 18
– Margret 47137 Kronen- 1
– Margarete 47137 Gerrick- 31
– Marina 47239 Zum Kuckeshof 67
– Martina 47119 Fürst-Bismarck- 18
– Michael 47138 Kanal- 1
– Petra 47226 Siegfried- 20
– Peter 47226 Siegfried- 20	Einwohner
Namen-Teil
A-DU	Firmen, Gewerbebetriebe usw. nach Namen – siehe gelber Teil
